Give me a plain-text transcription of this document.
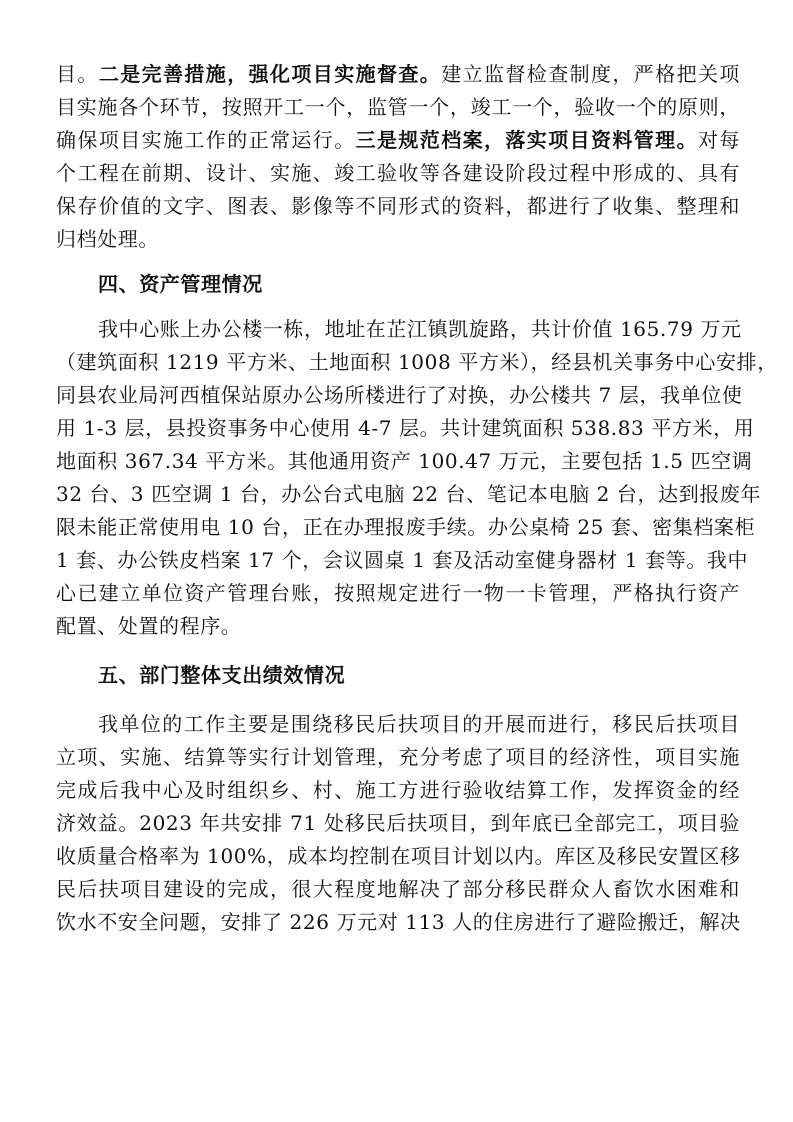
目。二是完善措施，强化项目实施督查。建立监督检查制度，严格把关项
目实施各个环节，按照开工一个，监管一个，竣工一个，验收一个的原则，
确保项目实施工作的正常运行。三是规范档案，落实项目资料管理。对每
个工程在前期、设计、实施、竣工验收等各建设阶段过程中形成的、具有
保存价值的文字、图表、影像等不同形式的资料，都进行了收集、整理和
归档处理。
四、资产管理情况
我中心账上办公楼一栋，地址在芷江镇凯旋路，共计价值 165.79 万元
（建筑面积 1219 平方米、土地面积 1008 平方米），经县机关事务中心安排，
同县农业局河西植保站原办公场所楼进行了对换，办公楼共 7 层，我单位使
用 1-3 层，县投资事务中心使用 4-7 层。共计建筑面积 538.83 平方米，用
地面积 367.34 平方米。其他通用资产 100.47 万元，主要包括 1.5 匹空调
32 台、3 匹空调 1 台，办公台式电脑 22 台、笔记本电脑 2 台，达到报废年
限未能正常使用电 10 台，正在办理报废手续。办公桌椅 25 套、密集档案柜
1 套、办公铁皮档案 17 个，会议圆桌 1 套及活动室健身器材 1 套等。我中
心已建立单位资产管理台账，按照规定进行一物一卡管理，严格执行资产
配置、处置的程序。
五、部门整体支出绩效情况
我单位的工作主要是围绕移民后扶项目的开展而进行，移民后扶项目
立项、实施、结算等实行计划管理，充分考虑了项目的经济性，项目实施
完成后我中心及时组织乡、村、施工方进行验收结算工作，发挥资金的经
济效益。2023 年共安排 71 处移民后扶项目，到年底已全部完工，项目验
收质量合格率为 100%，成本均控制在项目计划以内。库区及移民安置区移
民后扶项目建设的完成，很大程度地解决了部分移民群众人畜饮水困难和
饮水不安全问题，安排了 226 万元对 113 人的住房进行了避险搬迁，解决
